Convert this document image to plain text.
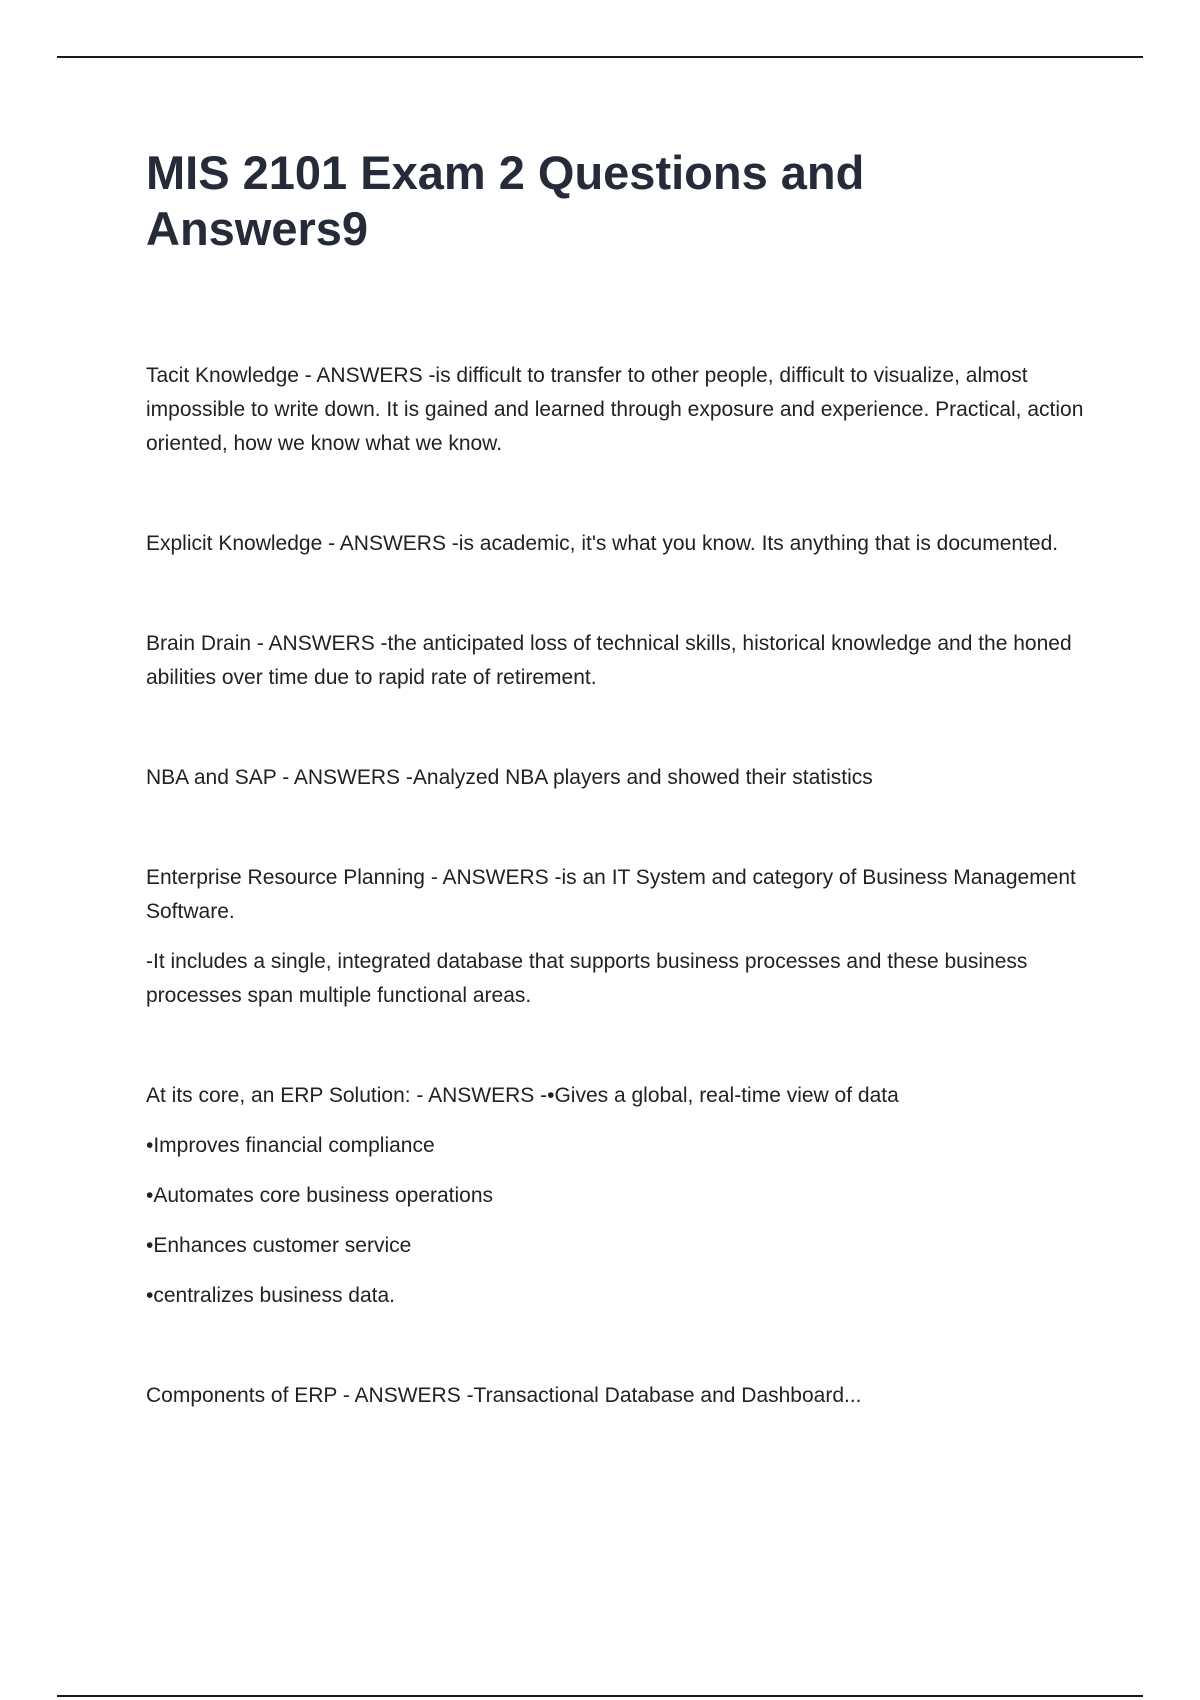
MIS 2101 Exam 2 Questions and Answers9

Tacit Knowledge - ANSWERS -is difficult to transfer to other people, difficult to visualize, almost impossible to write down. It is gained and learned through exposure and experience. Practical, action oriented, how we know what we know.

Explicit Knowledge - ANSWERS -is academic, it's what you know. Its anything that is documented.

Brain Drain - ANSWERS -the anticipated loss of technical skills, historical knowledge and the honed abilities over time due to rapid rate of retirement.

NBA and SAP - ANSWERS -Analyzed NBA players and showed their statistics

Enterprise Resource Planning - ANSWERS -is an IT System and category of Business Management Software.

-It includes a single, integrated database that supports business processes and these business processes span multiple functional areas.

At its core, an ERP Solution: - ANSWERS -•Gives a global, real-time view of data

•Improves financial compliance

•Automates core business operations

•Enhances customer service

•centralizes business data.

Components of ERP - ANSWERS -Transactional Database and Dashboard...
